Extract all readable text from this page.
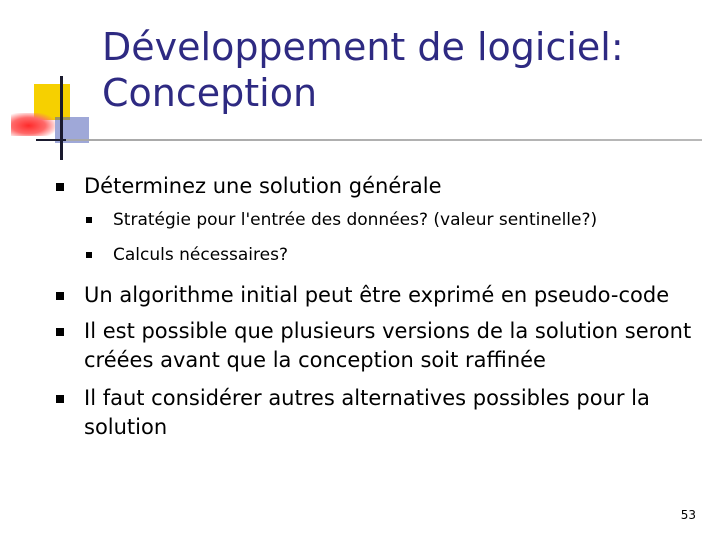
Développement de logiciel: Conception
Déterminez une solution générale
Stratégie pour l'entrée des données? (valeur sentinelle?)
Calculs nécessaires?
Un algorithme initial peut être exprimé en pseudo-code
Il est possible que plusieurs versions de la solution seront créées avant que la conception soit raffinée
Il faut considérer autres alternatives possibles pour la solution
53
